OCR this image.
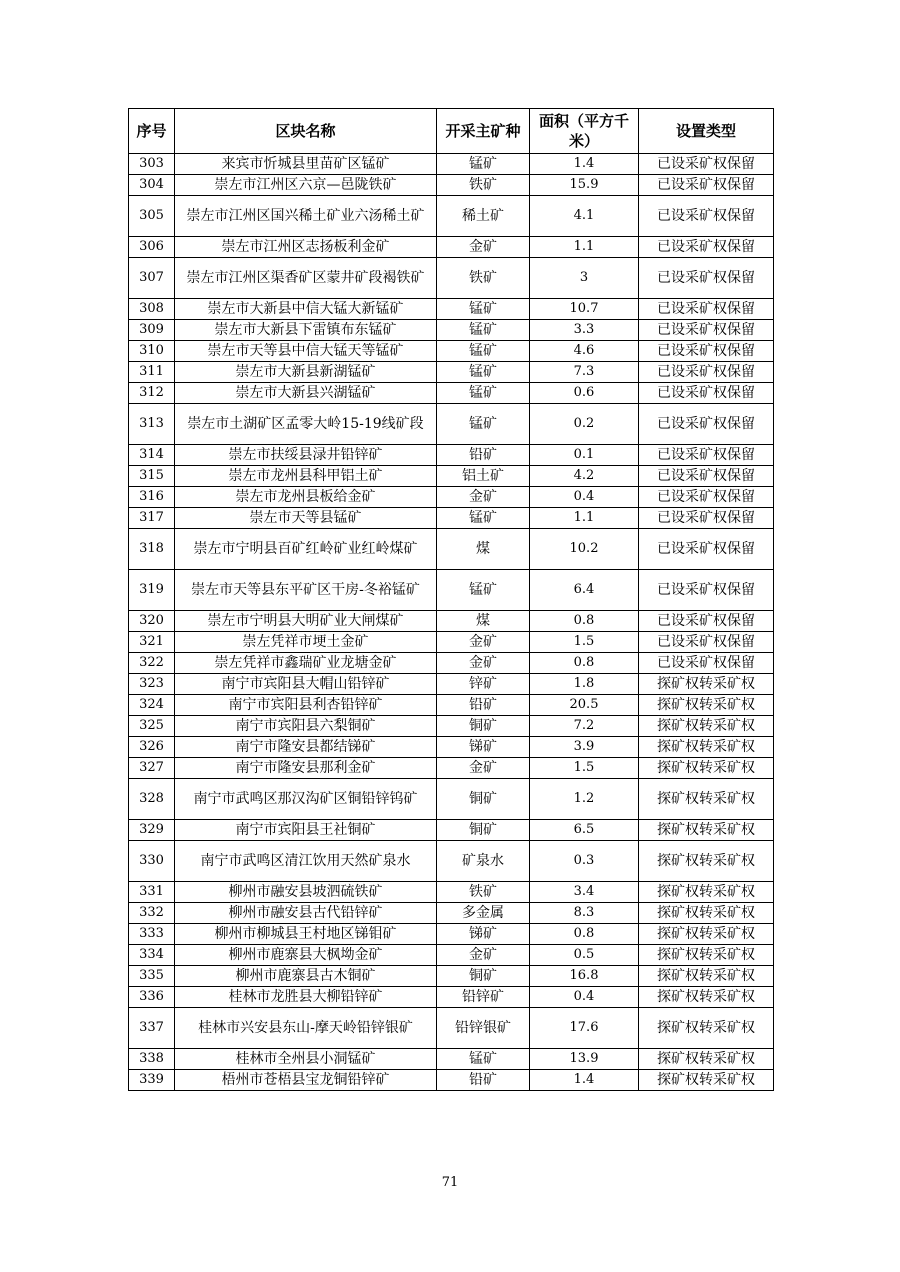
序号	区块名称	开采主矿种	面积（平方千米）	设置类型
303	来宾市忻城县里苗矿区锰矿	锰矿	1.4	已设采矿权保留
304	崇左市江州区六京—邑陇铁矿	铁矿	15.9	已设采矿权保留
305	崇左市江州区国兴稀土矿业六汤稀土矿	稀土矿	4.1	已设采矿权保留
306	崇左市江州区志扬板利金矿	金矿	1.1	已设采矿权保留
307	崇左市江州区渠香矿区蒙井矿段褐铁矿	铁矿	3	已设采矿权保留
308	崇左市大新县中信大锰大新锰矿	锰矿	10.7	已设采矿权保留
309	崇左市大新县下雷镇布东锰矿	锰矿	3.3	已设采矿权保留
310	崇左市天等县中信大锰天等锰矿	锰矿	4.6	已设采矿权保留
311	崇左市大新县新湖锰矿	锰矿	7.3	已设采矿权保留
312	崇左市大新县兴湖锰矿	锰矿	0.6	已设采矿权保留
313	崇左市土湖矿区孟零大岭15-19线矿段	锰矿	0.2	已设采矿权保留
314	崇左市扶绥县渌井铅锌矿	铅矿	0.1	已设采矿权保留
315	崇左市龙州县科甲铝土矿	铝土矿	4.2	已设采矿权保留
316	崇左市龙州县板给金矿	金矿	0.4	已设采矿权保留
317	崇左市天等县锰矿	锰矿	1.1	已设采矿权保留
318	崇左市宁明县百矿红岭矿业红岭煤矿	煤	10.2	已设采矿权保留
319	崇左市天等县东平矿区干房-冬裕锰矿	锰矿	6.4	已设采矿权保留
320	崇左市宁明县大明矿业大闸煤矿	煤	0.8	已设采矿权保留
321	崇左凭祥市埂土金矿	金矿	1.5	已设采矿权保留
322	崇左凭祥市鑫瑞矿业龙塘金矿	金矿	0.8	已设采矿权保留
323	南宁市宾阳县大帽山铅锌矿	锌矿	1.8	探矿权转采矿权
324	南宁市宾阳县利杏铅锌矿	铅矿	20.5	探矿权转采矿权
325	南宁市宾阳县六梨铜矿	铜矿	7.2	探矿权转采矿权
326	南宁市隆安县都结锑矿	锑矿	3.9	探矿权转采矿权
327	南宁市隆安县那利金矿	金矿	1.5	探矿权转采矿权
328	南宁市武鸣区那汉沟矿区铜铅锌钨矿	铜矿	1.2	探矿权转采矿权
329	南宁市宾阳县王社铜矿	铜矿	6.5	探矿权转采矿权
330	南宁市武鸣区清江饮用天然矿泉水	矿泉水	0.3	探矿权转采矿权
331	柳州市融安县坡泗硫铁矿	铁矿	3.4	探矿权转采矿权
332	柳州市融安县古代铅锌矿	多金属	8.3	探矿权转采矿权
333	柳州市柳城县王村地区锑钼矿	锑矿	0.8	探矿权转采矿权
334	柳州市鹿寨县大枫坳金矿	金矿	0.5	探矿权转采矿权
335	柳州市鹿寨县古木铜矿	铜矿	16.8	探矿权转采矿权
336	桂林市龙胜县大柳铅锌矿	铅锌矿	0.4	探矿权转采矿权
337	桂林市兴安县东山-摩天岭铅锌银矿	铅锌银矿	17.6	探矿权转采矿权
338	桂林市全州县小洞锰矿	锰矿	13.9	探矿权转采矿权
339	梧州市苍梧县宝龙铜铅锌矿	铅矿	1.4	探矿权转采矿权
71
